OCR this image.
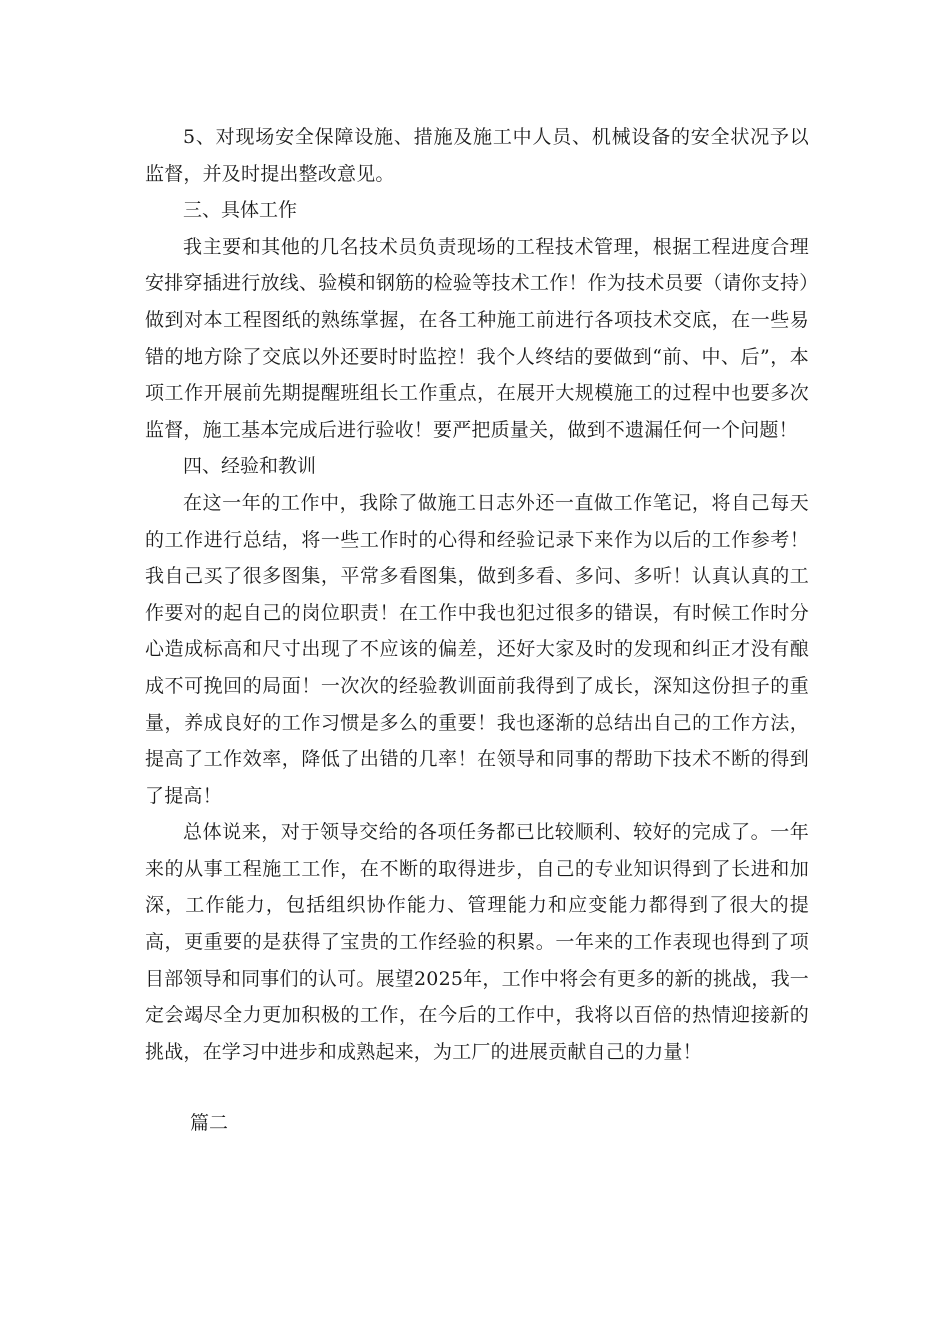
5、对现场安全保障设施、措施及施工中人员、机械设备的安全状况予以监督，并及时提出整改意见。

三、具体工作

我主要和其他的几名技术员负责现场的工程技术管理，根据工程进度合理安排穿插进行放线、验模和钢筋的检验等技术工作！作为技术员要（请你支持）做到对本工程图纸的熟练掌握，在各工种施工前进行各项技术交底，在一些易错的地方除了交底以外还要时时监控！我个人终结的要做到“前、中、后”，本项工作开展前先期提醒班组长工作重点，在展开大规模施工的过程中也要多次监督，施工基本完成后进行验收！要严把质量关，做到不遗漏任何一个问题！

四、经验和教训

在这一年的工作中，我除了做施工日志外还一直做工作笔记，将自己每天的工作进行总结，将一些工作时的心得和经验记录下来作为以后的工作参考！我自己买了很多图集，平常多看图集，做到多看、多问、多听！认真认真的工作要对的起自己的岗位职责！在工作中我也犯过很多的错误，有时候工作时分心造成标高和尺寸出现了不应该的偏差，还好大家及时的发现和纠正才没有酿成不可挽回的局面！一次次的经验教训面前我得到了成长，深知这份担子的重量，养成良好的工作习惯是多么的重要！我也逐渐的总结出自己的工作方法，提高了工作效率，降低了出错的几率！在领导和同事的帮助下技术不断的得到了提高！

总体说来，对于领导交给的各项任务都已比较顺利、较好的完成了。一年来的从事工程施工工作，在不断的取得进步，自己的专业知识得到了长进和加深，工作能力，包括组织协作能力、管理能力和应变能力都得到了很大的提高，更重要的是获得了宝贵的工作经验的积累。一年来的工作表现也得到了项目部领导和同事们的认可。展望2025年，工作中将会有更多的新的挑战，我一定会竭尽全力更加积极的工作，在今后的工作中，我将以百倍的热情迎接新的挑战，在学习中进步和成熟起来，为工厂的进展贡献自己的力量！

篇二
